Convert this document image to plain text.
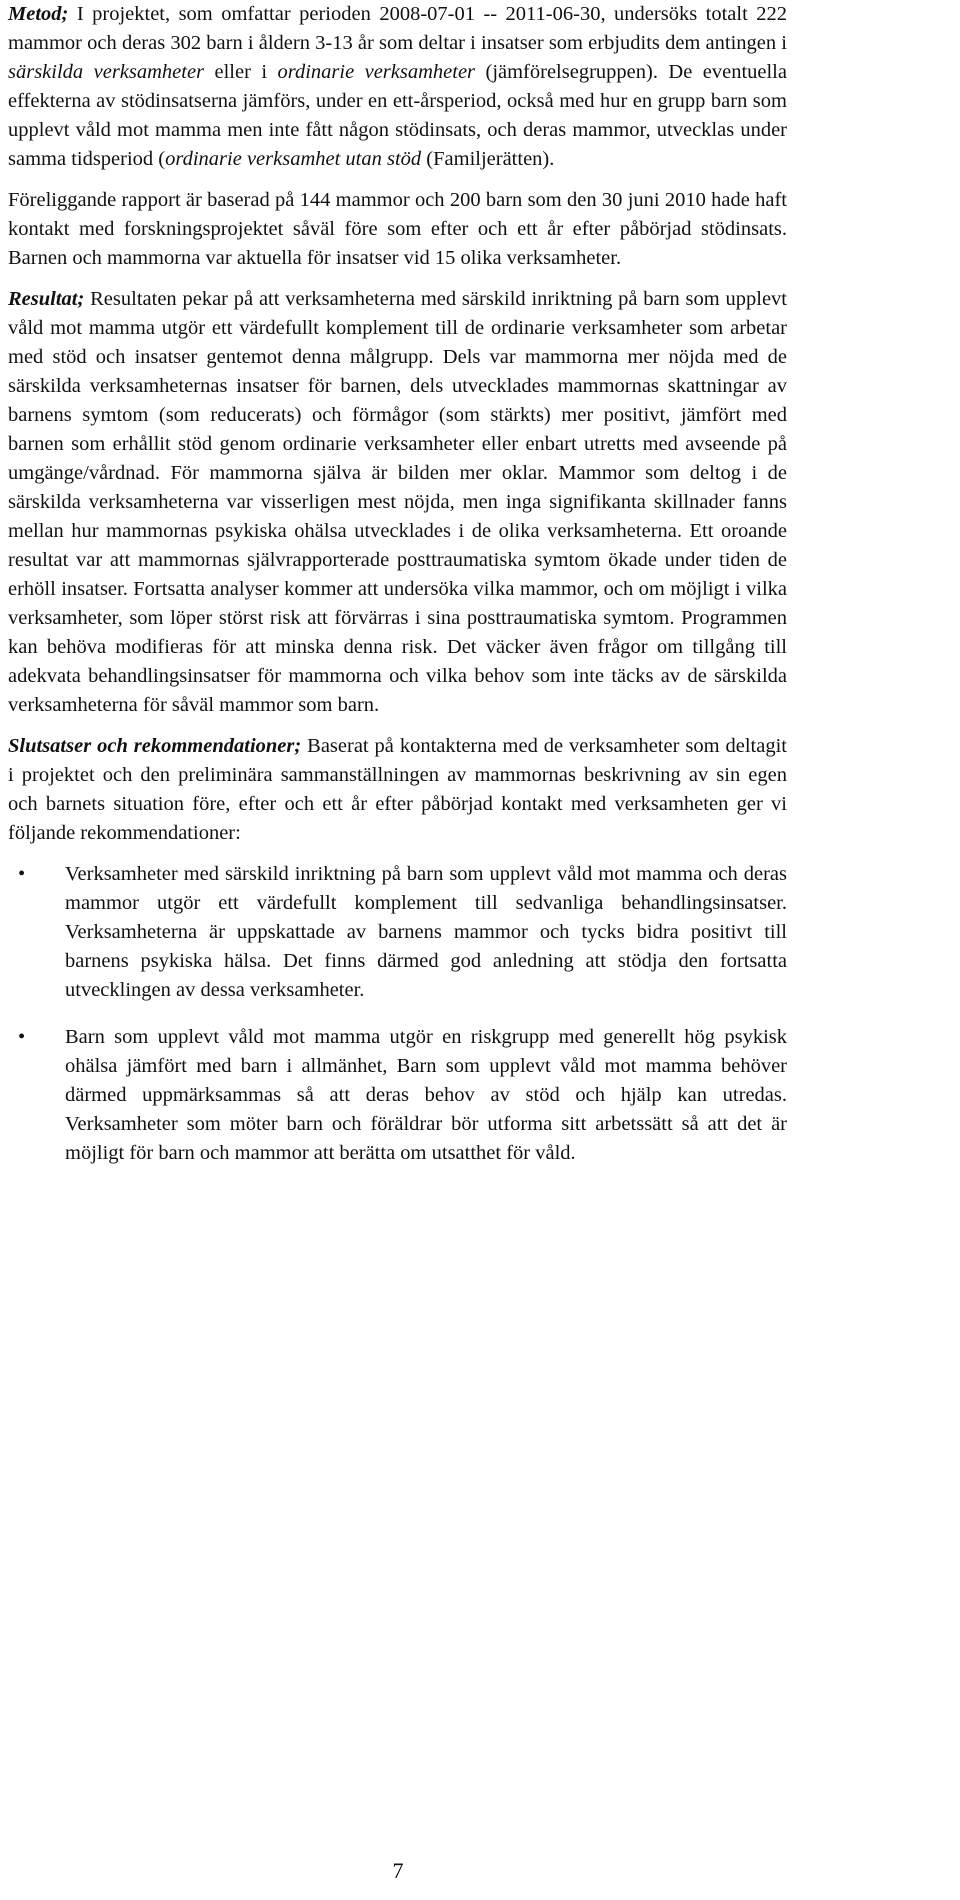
Metod; I projektet, som omfattar perioden 2008-07-01 -- 2011-06-30, undersöks totalt 222 mammor och deras 302 barn i åldern 3-13 år som deltar i insatser som erbjudits dem antingen i särskilda verksamheter eller i ordinarie verksamheter (jämförelsegruppen). De eventuella effekterna av stödinsatserna jämförs, under en ett-årsperiod, också med hur en grupp barn som upplevt våld mot mamma men inte fått någon stödinsats, och deras mammor, utvecklas under samma tidsperiod (ordinarie verksamhet utan stöd (Familjerätten).

Föreliggande rapport är baserad på 144 mammor och 200 barn som den 30 juni 2010 hade haft kontakt med forskningsprojektet såväl före som efter och ett år efter påbörjad stödinsats. Barnen och mammorna var aktuella för insatser vid 15 olika verksamheter.

Resultat; Resultaten pekar på att verksamheterna med särskild inriktning på barn som upplevt våld mot mamma utgör ett värdefullt komplement till de ordinarie verksamheter som arbetar med stöd och insatser gentemot denna målgrupp. Dels var mammorna mer nöjda med de särskilda verksamheternas insatser för barnen, dels utvecklades mammornas skattningar av barnens symtom (som reducerats) och förmågor (som stärkts) mer positivt, jämfört med barnen som erhållit stöd genom ordinarie verksamheter eller enbart utretts med avseende på umgänge/vårdnad. För mammorna själva är bilden mer oklar. Mammor som deltog i de särskilda verksamheterna var visserligen mest nöjda, men inga signifikanta skillnader fanns mellan hur mammornas psykiska ohälsa utvecklades i de olika verksamheterna. Ett oroande resultat var att mammornas självrapporterade posttraumatiska symtom ökade under tiden de erhöll insatser. Fortsatta analyser kommer att undersöka vilka mammor, och om möjligt i vilka verksamheter, som löper störst risk att förvärras i sina posttraumatiska symtom. Programmen kan behöva modifieras för att minska denna risk. Det väcker även frågor om tillgång till adekvata behandlingsinsatser för mammorna och vilka behov som inte täcks av de särskilda verksamheterna för såväl mammor som barn.

Slutsatser och rekommendationer; Baserat på kontakterna med de verksamheter som deltagit i projektet och den preliminära sammanställningen av mammornas beskrivning av sin egen och barnets situation före, efter och ett år efter påbörjad kontakt med verksamheten ger vi följande rekommendationer:

• Verksamheter med särskild inriktning på barn som upplevt våld mot mamma och deras mammor utgör ett värdefullt komplement till sedvanliga behandlingsinsatser. Verksamheterna är uppskattade av barnens mammor och tycks bidra positivt till barnens psykiska hälsa. Det finns därmed god anledning att stödja den fortsatta utvecklingen av dessa verksamheter.

• Barn som upplevt våld mot mamma utgör en riskgrupp med generellt hög psykisk ohälsa jämfört med barn i allmänhet, Barn som upplevt våld mot mamma behöver därmed uppmärksammas så att deras behov av stöd och hjälp kan utredas. Verksamheter som möter barn och föräldrar bör utforma sitt arbetssätt så att det är möjligt för barn och mammor att berätta om utsatthet för våld.

7
